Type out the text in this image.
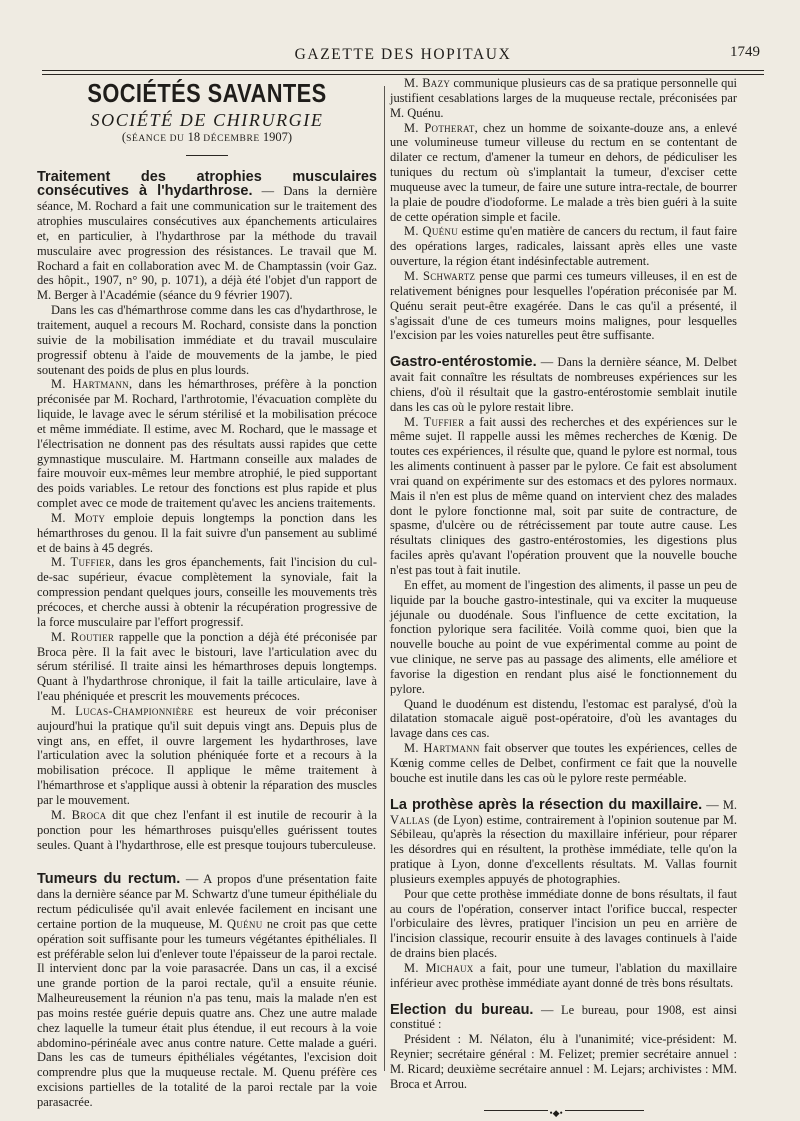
GAZETTE DES HOPITAUX	1749
SOCIÉTÉS SAVANTES
SOCIÉTÉ DE CHIRURGIE
(SÉANCE DU 18 DÉCEMBRE 1907)

Traitement des atrophies musculaires consécutives à l'hydarthrose. — Dans la dernière séance, M. Rochard a fait une communication sur le traitement des atrophies musculaires consécutives aux épanchements articulaires et, en particulier, à l'hydarthrose par la méthode du travail musculaire avec progression des résistances. Le travail que M. Rochard a fait en collaboration avec M. de Champtassin (voir Gaz. des hôpit., 1907, n° 90, p. 1071), a déjà été l'objet d'un rapport de M. Berger à l'Académie (séance du 9 février 1907).

Dans les cas d'hémarthrose comme dans les cas d'hydarthrose, le traitement, auquel a recours M. Rochard, consiste dans la ponction suivie de la mobilisation immédiate et du travail musculaire progressif obtenu à l'aide de mouvements de la jambe, le pied soutenant des poids de plus en plus lourds.

M. Hartmann, dans les hémarthroses, préfère à la ponction préconisée par M. Rochard, l'arthrotomie, l'évacuation complète du liquide, le lavage avec le sérum stérilisé et la mobilisation précoce et même immédiate. Il estime, avec M. Rochard, que le massage et l'électrisation ne donnent pas des résultats aussi rapides que cette gymnastique musculaire. M. Hartmann conseille aux malades de faire mouvoir eux-mêmes leur membre atrophié, le pied supportant des poids variables. Le retour des fonctions est plus rapide et plus complet avec ce mode de traitement qu'avec les anciens traitements.

M. Moty emploie depuis longtemps la ponction dans les hémarthroses du genou. Il la fait suivre d'un pansement au sublimé et de bains à 45 degrés.

M. Tuffier, dans les gros épanchements, fait l'incision du cul-de-sac supérieur, évacue complètement la synoviale, fait la compression pendant quelques jours, conseille les mouvements très précoces, et cherche aussi à obtenir la récupération progressive de la force musculaire par l'effort progressif.

M. Routier rappelle que la ponction a déjà été préconisée par Broca père. Il la fait avec le bistouri, lave l'articulation avec du sérum stérilisé. Il traite ainsi les hémarthroses depuis longtemps. Quant à l'hydarthrose chronique, il fait la taille articulaire, lave à l'eau phéniquée et prescrit les mouvements précoces.

M. Lucas-Championnière est heureux de voir préconiser aujourd'hui la pratique qu'il suit depuis vingt ans. Depuis plus de vingt ans, en effet, il ouvre largement les hydarthroses, lave l'articulation avec la solution phéniquée forte et a recours à la mobilisation précoce. Il applique le même traitement à l'hémarthrose et s'applique aussi à obtenir la réparation des muscles par le mouvement.

M. Broca dit que chez l'enfant il est inutile de recourir à la ponction pour les hémarthroses puisqu'elles guérissent toutes seules. Quant à l'hydarthrose, elle est presque toujours tuberculeuse.

Tumeurs du rectum. — A propos d'une présentation faite dans la dernière séance par M. Schwartz d'une tumeur épithéliale du rectum pédiculisée qu'il avait enlevée facilement en incisant une certaine portion de la muqueuse, M. Quénu ne croit pas que cette opération soit suffisante pour les tumeurs végétantes épithéliales. Il est préférable selon lui d'enlever toute l'épaisseur de la paroi rectale. Il intervient donc par la voie parasacrée. Dans un cas, il a excisé une grande portion de la paroi rectale, qu'il a ensuite réunie. Malheureusement la réunion n'a pas tenu, mais la malade n'en est pas moins restée guérie depuis quatre ans. Chez une autre malade chez laquelle la tumeur était plus étendue, il eut recours à la voie abdomino-périnéale avec anus contre nature. Cette malade a guéri. Dans les cas de tumeurs épithéliales végétantes, l'excision doit comprendre plus que la muqueuse rectale. M. Quenu préfère ces excisions partielles de la totalité de la paroi rectale par la voie parasacrée.

M. Bazy communique plusieurs cas de sa pratique personnelle qui justifient cesablations larges de la muqueuse rectale, préconisées par M. Quénu.

M. Potherat, chez un homme de soixante-douze ans, a enlevé une volumineuse tumeur villeuse du rectum en se contentant de dilater ce rectum, d'amener la tumeur en dehors, de pédiculiser les tuniques du rectum où s'implantait la tumeur, d'exciser cette muqueuse avec la tumeur, de faire une suture intra-rectale, de bourrer la plaie de poudre d'iodoforme. Le malade a très bien guéri à la suite de cette opération simple et facile.

M. Quénu estime qu'en matière de cancers du rectum, il faut faire des opérations larges, radicales, laissant après elles une vaste ouverture, la région étant indésinfectable autrement.

M. Schwartz pense que parmi ces tumeurs villeuses, il en est de relativement bénignes pour lesquelles l'opération préconisée par M. Quénu serait peut-être exagérée. Dans le cas qu'il a présenté, il s'agissait d'une de ces tumeurs moins malignes, pour lesquelles l'excision par les voies naturelles peut être suffisante.

Gastro-entérostomie. — Dans la dernière séance, M. Delbet avait fait connaître les résultats de nombreuses expériences sur les chiens, d'où il résultait que la gastro-entérostomie semblait inutile dans les cas où le pylore restait libre.

M. Tuffier a fait aussi des recherches et des expériences sur le même sujet. Il rappelle aussi les mêmes recherches de Kœnig. De toutes ces expériences, il résulte que, quand le pylore est normal, tous les aliments continuent à passer par le pylore. Ce fait est absolument vrai quand on expérimente sur des estomacs et des pylores normaux. Mais il n'en est plus de même quand on intervient chez des malades dont le pylore fonctionne mal, soit par suite de contracture, de spasme, d'ulcère ou de rétrécissement par toute autre cause. Les résultats cliniques des gastro-entérostomies, les digestions plus faciles après qu'avant l'opération prouvent que la nouvelle bouche n'est pas tout à fait inutile.

En effet, au moment de l'ingestion des aliments, il passe un peu de liquide par la bouche gastro-intestinale, qui va exciter la muqueuse jéjunale ou duodénale. Sous l'influence de cette excitation, la fonction pylorique sera facilitée. Voilà comme quoi, bien que la nouvelle bouche au point de vue expérimental comme au point de vue clinique, ne serve pas au passage des aliments, elle améliore et favorise la digestion en rendant plus aisé le fonctionnement du pylore.

Quand le duodénum est distendu, l'estomac est paralysé, d'où la dilatation stomacale aiguë post-opératoire, d'où les avantages du lavage dans ces cas.

M. Hartmann fait observer que toutes les expériences, celles de Kœnig comme celles de Delbet, confirment ce fait que la nouvelle bouche est inutile dans les cas où le pylore reste perméable.

La prothèse après la résection du maxillaire. — M. Vallas (de Lyon) estime, contrairement à l'opinion soutenue par M. Sébileau, qu'après la résection du maxillaire inférieur, pour réparer les désordres qui en résultent, la prothèse immédiate, telle qu'on la pratique à Lyon, donne d'excellents résultats. M. Vallas fournit plusieurs exemples appuyés de photographies.

Pour que cette prothèse immédiate donne de bons résultats, il faut au cours de l'opération, conserver intact l'orifice buccal, respecter l'orbiculaire des lèvres, pratiquer l'incision un peu en arrière de l'incision classique, recourir ensuite à des lavages continuels à l'aide de drains bien placés.

M. Michaux a fait, pour une tumeur, l'ablation du maxillaire inférieur avec prothèse immédiate ayant donné de très bons résultats.

Election du bureau. — Le bureau, pour 1908, est ainsi constitué :

Président : M. Nélaton, élu à l'unanimité; vice-président: M. Reynier; secrétaire général : M. Felizet; premier secrétaire annuel : M. Ricard; deuxième secrétaire annuel : M. Lejars; archivistes : MM. Broca et Arrou.

•◆•
